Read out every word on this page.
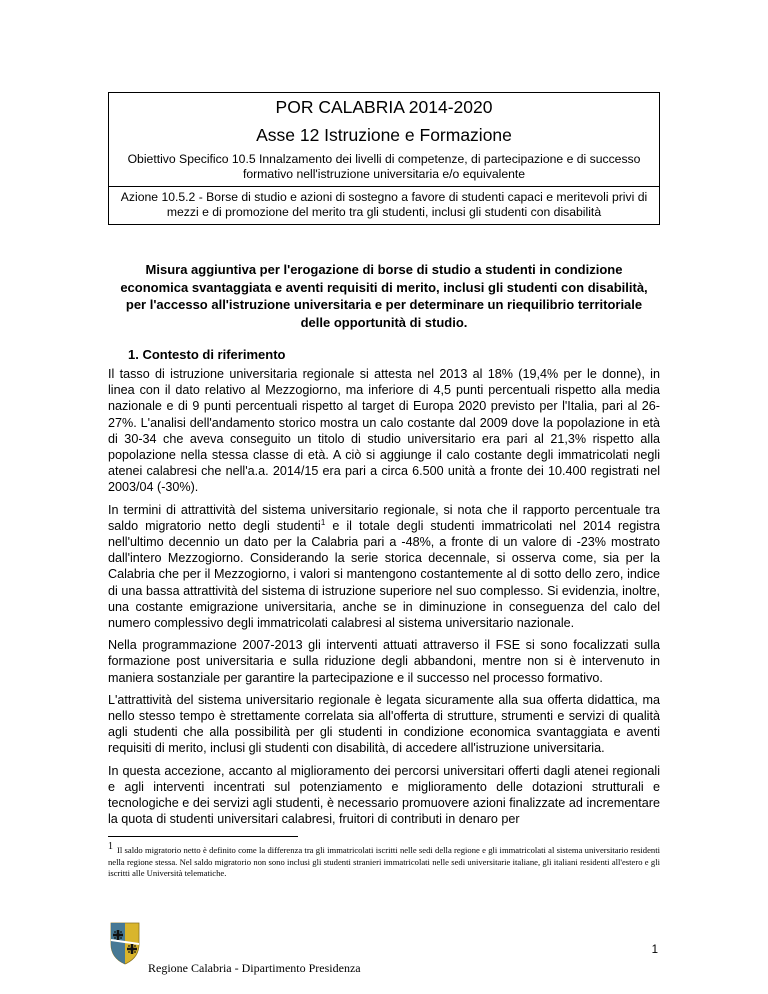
POR CALABRIA 2014-2020
Asse 12 Istruzione e Formazione
Obiettivo Specifico 10.5 Innalzamento dei livelli di competenze, di partecipazione e di successo formativo nell'istruzione universitaria e/o equivalente
Azione 10.5.2 - Borse di studio e azioni di sostegno a favore di studenti capaci e meritevoli privi di mezzi e di promozione del merito tra gli studenti, inclusi gli studenti con disabilità
Misura aggiuntiva per l'erogazione di borse di studio a studenti in condizione economica svantaggiata e aventi requisiti di merito, inclusi gli studenti con disabilità, per l'accesso all'istruzione universitaria e per determinare un riequilibrio territoriale delle opportunità di studio.
1. Contesto di riferimento

Il tasso di istruzione universitaria regionale si attesta nel 2013 al 18% (19,4% per le donne), in linea con il dato relativo al Mezzogiorno, ma inferiore di 4,5 punti percentuali rispetto alla media nazionale e di 9 punti percentuali rispetto al target di Europa 2020 previsto per l'Italia, pari al 26-27%. L'analisi dell'andamento storico mostra un calo costante dal 2009 dove la popolazione in età di 30-34 che aveva conseguito un titolo di studio universitario era pari al 21,3% rispetto alla popolazione nella stessa classe di età. A ciò si aggiunge il calo costante degli immatricolati negli atenei calabresi che nell'a.a. 2014/15 era pari a circa 6.500 unità a fronte dei 10.400 registrati nel 2003/04 (-30%).

In termini di attrattività del sistema universitario regionale, si nota che il rapporto percentuale tra saldo migratorio netto degli studenti$^1$ e il totale degli studenti immatricolati nel 2014 registra nell'ultimo decennio un dato per la Calabria pari a -48%, a fronte di un valore di -23% mostrato dall'intero Mezzogiorno. Considerando la serie storica decennale, si osserva come, sia per la Calabria che per il Mezzogiorno, i valori si mantengono costantemente al di sotto dello zero, indice di una bassa attrattività del sistema di istruzione superiore nel suo complesso. Si evidenzia, inoltre, una costante emigrazione universitaria, anche se in diminuzione in conseguenza del calo del numero complessivo degli immatricolati calabresi al sistema universitario nazionale.

Nella programmazione 2007-2013 gli interventi attuati attraverso il FSE si sono focalizzati sulla formazione post universitaria e sulla riduzione degli abbandoni, mentre non si è intervenuto in maniera sostanziale per garantire la partecipazione e il successo nel processo formativo.

L'attrattività del sistema universitario regionale è legata sicuramente alla sua offerta didattica, ma nello stesso tempo è strettamente correlata sia all'offerta di strutture, strumenti e servizi di qualità agli studenti che alla possibilità per gli studenti in condizione economica svantaggiata e aventi requisiti di merito, inclusi gli studenti con disabilità, di accedere all'istruzione universitaria.

In questa accezione, accanto al miglioramento dei percorsi universitari offerti dagli atenei regionali e agli interventi incentrati sul potenziamento e miglioramento delle dotazioni strutturali e tecnologiche e dei servizi agli studenti, è necessario promuovere azioni finalizzate ad incrementare la quota di studenti universitari calabresi, fruitori di contributi in denaro per

1 Il saldo migratorio netto è definito come la differenza tra gli immatricolati iscritti nelle sedi della regione e gli immatricolati al sistema universitario residenti nella regione stessa. Nel saldo migratorio non sono inclusi gli studenti stranieri immatricolati nelle sedi universitarie italiane, gli italiani residenti all'estero e gli iscritti alle Università telematiche.
Regione Calabria - Dipartimento Presidenza
1
